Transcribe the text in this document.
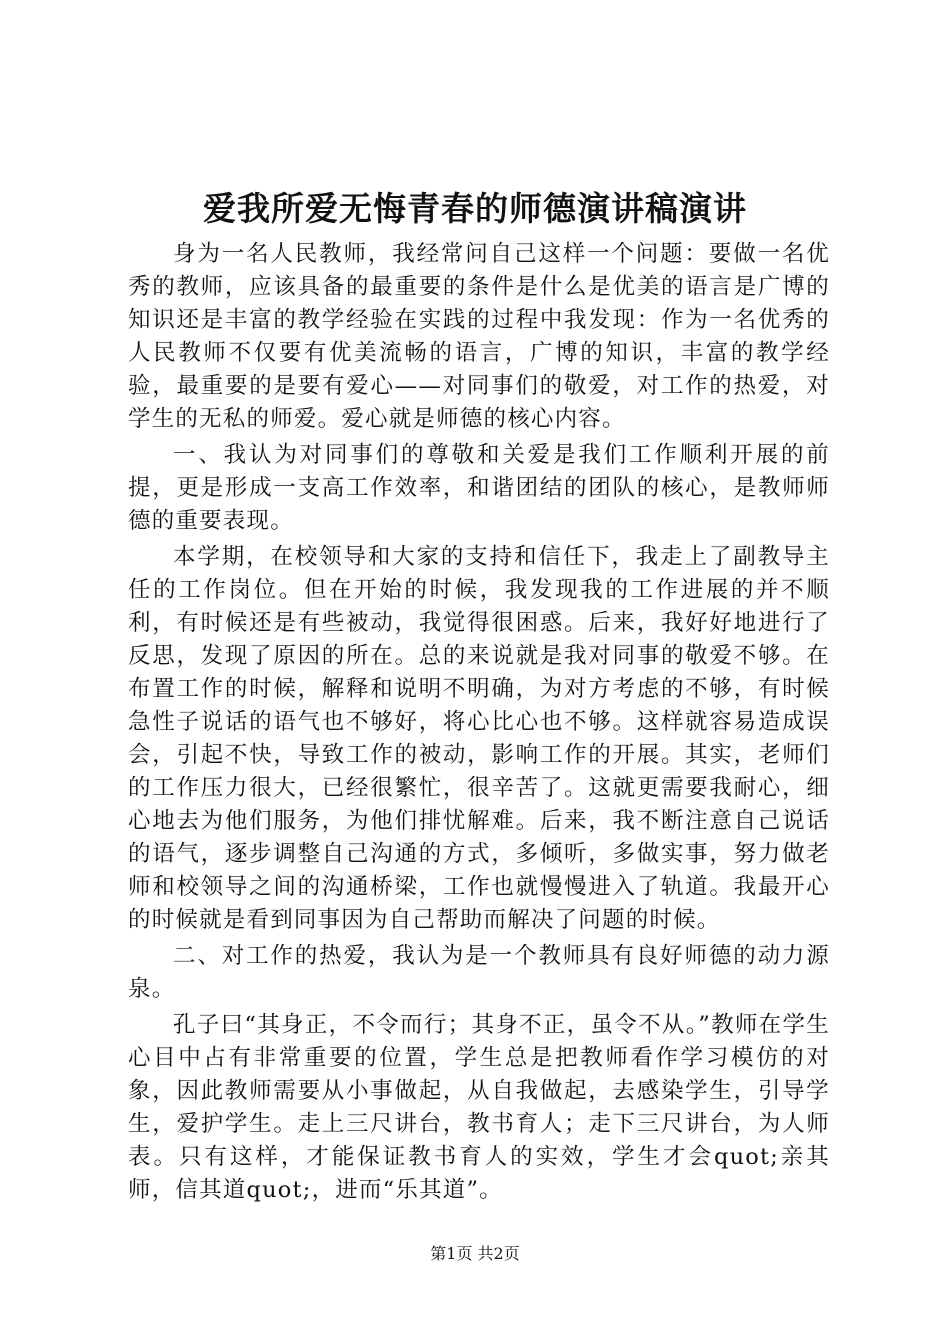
爱我所爱无悔青春的师德演讲稿演讲

身为一名人民教师，我经常问自己这样一个问题：要做一名优秀的教师，应该具备的最重要的条件是什么是优美的语言是广博的知识还是丰富的教学经验在实践的过程中我发现：作为一名优秀的人民教师不仅要有优美流畅的语言，广博的知识，丰富的教学经验，最重要的是要有爱心——对同事们的敬爱，对工作的热爱，对学生的无私的师爱。爱心就是师德的核心内容。

一、我认为对同事们的尊敬和关爱是我们工作顺利开展的前提，更是形成一支高工作效率，和谐团结的团队的核心，是教师师德的重要表现。

本学期，在校领导和大家的支持和信任下，我走上了副教导主任的工作岗位。但在开始的时候，我发现我的工作进展的并不顺利，有时候还是有些被动，我觉得很困惑。后来，我好好地进行了反思，发现了原因的所在。总的来说就是我对同事的敬爱不够。在布置工作的时候，解释和说明不明确，为对方考虑的不够，有时候急性子说话的语气也不够好，将心比心也不够。这样就容易造成误会，引起不快，导致工作的被动，影响工作的开展。其实，老师们的工作压力很大，已经很繁忙，很辛苦了。这就更需要我耐心，细心地去为他们服务，为他们排忧解难。后来，我不断注意自己说话的语气，逐步调整自己沟通的方式，多倾听，多做实事，努力做老师和校领导之间的沟通桥梁，工作也就慢慢进入了轨道。我最开心的时候就是看到同事因为自己帮助而解决了问题的时候。

二、对工作的热爱，我认为是一个教师具有良好师德的动力源泉。

孔子曰“其身正，不令而行；其身不正，虽令不从。”教师在学生心目中占有非常重要的位置，学生总是把教师看作学习模仿的对象，因此教师需要从小事做起，从自我做起，去感染学生，引导学生，爱护学生。走上三尺讲台，教书育人；走下三尺讲台，为人师表。只有这样，才能保证教书育人的实效，学生才会quot;亲其师，信其道quot;，进而“乐其道”。

第1页 共2页
